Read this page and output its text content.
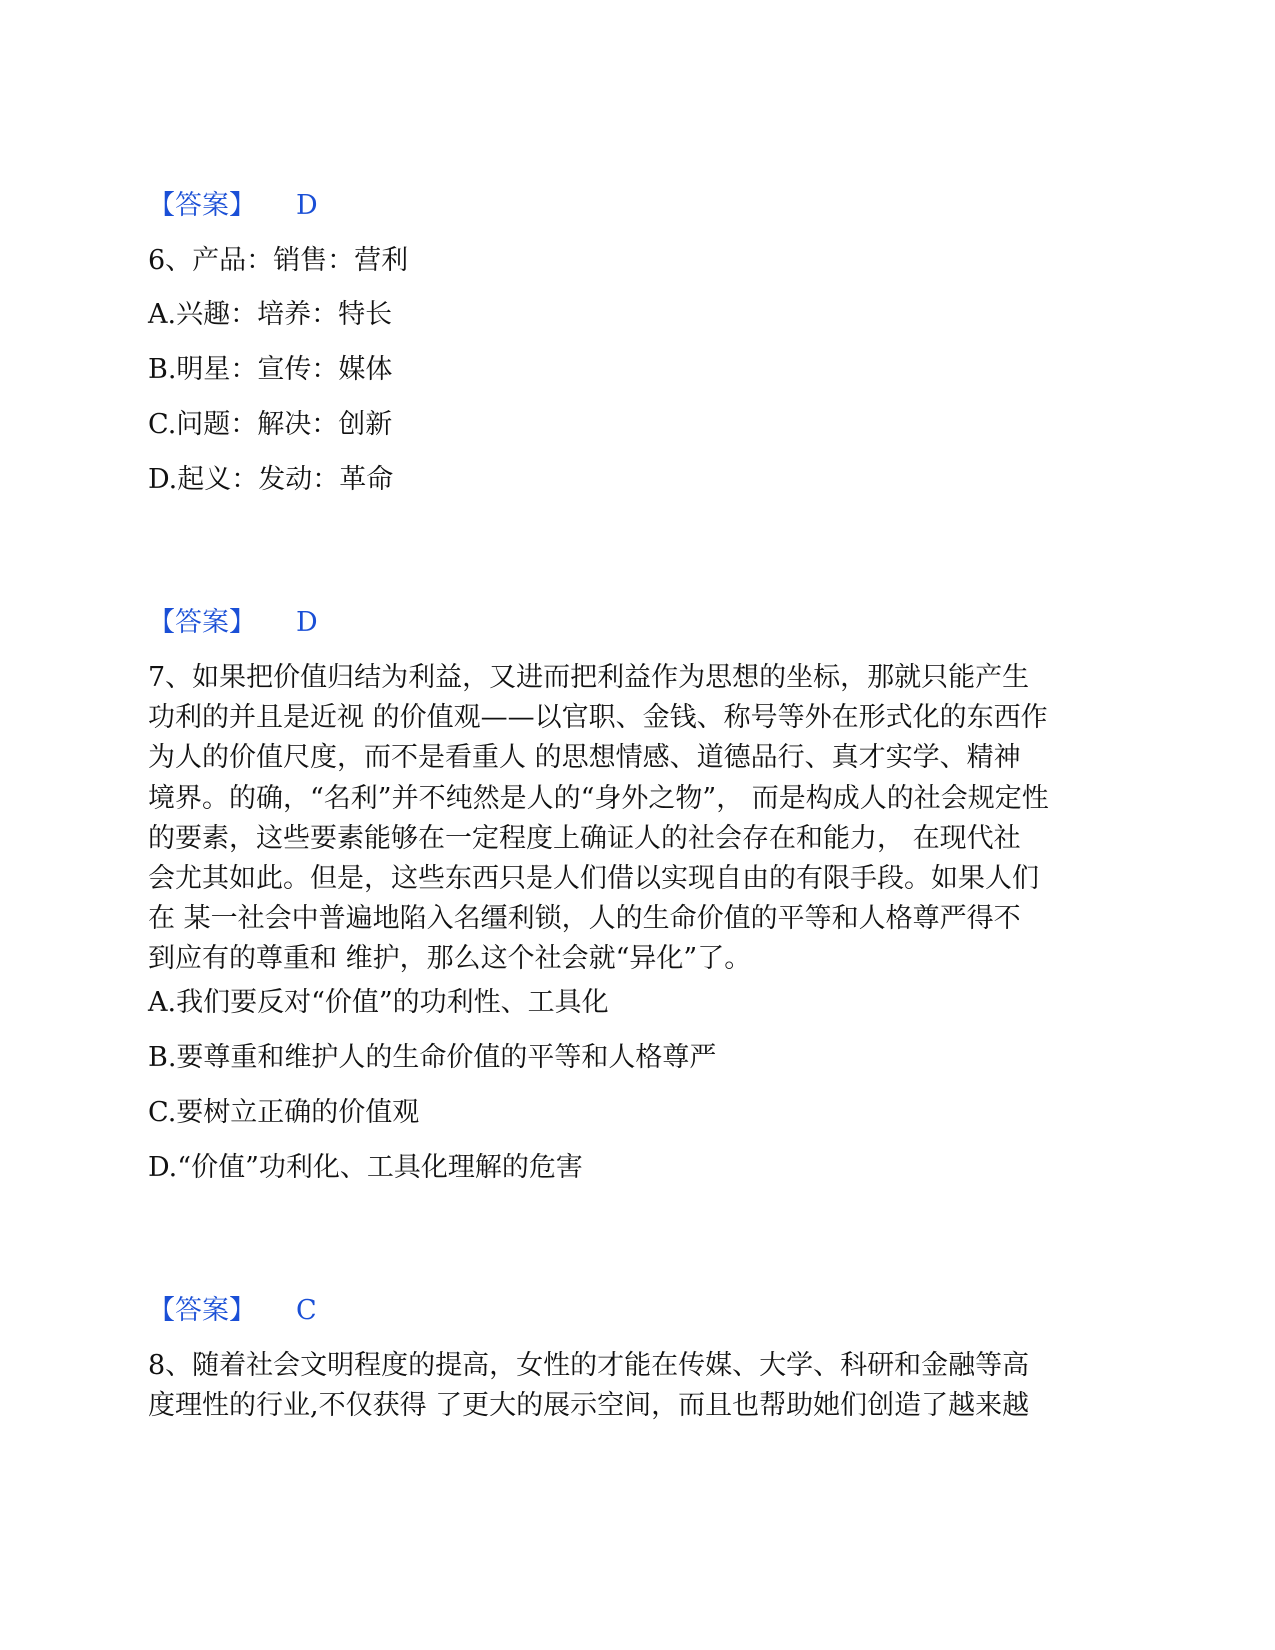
【答案】 D
6、产品：销售：营利
A.兴趣：培养：特长
B.明星：宣传：媒体
C.问题：解决：创新
D.起义：发动：革命
【答案】 D
7、如果把价值归结为利益，又进而把利益作为思想的坐标，那就只能产生
功利的并且是近视 的价值观——以官职、金钱、称号等外在形式化的东西作
为人的价值尺度，而不是看重人 的思想情感、道德品行、真才实学、精神
境界。的确，“名利”并不纯然是人的“身外之物”， 而是构成人的社会规定性
的要素，这些要素能够在一定程度上确证人的社会存在和能力， 在现代社
会尤其如此。但是，这些东西只是人们借以实现自由的有限手段。如果人们
在 某一社会中普遍地陷入名缰利锁，人的生命价值的平等和人格尊严得不
到应有的尊重和 维护，那么这个社会就“异化”了。
A.我们要反对“价值”的功利性、工具化
B.要尊重和维护人的生命价值的平等和人格尊严
C.要树立正确的价值观
D.“价值”功利化、工具化理解的危害
【答案】 C
8、随着社会文明程度的提高，女性的才能在传媒、大学、科研和金融等高
度理性的行业,不仅获得 了更大的展示空间，而且也帮助她们创造了越来越
